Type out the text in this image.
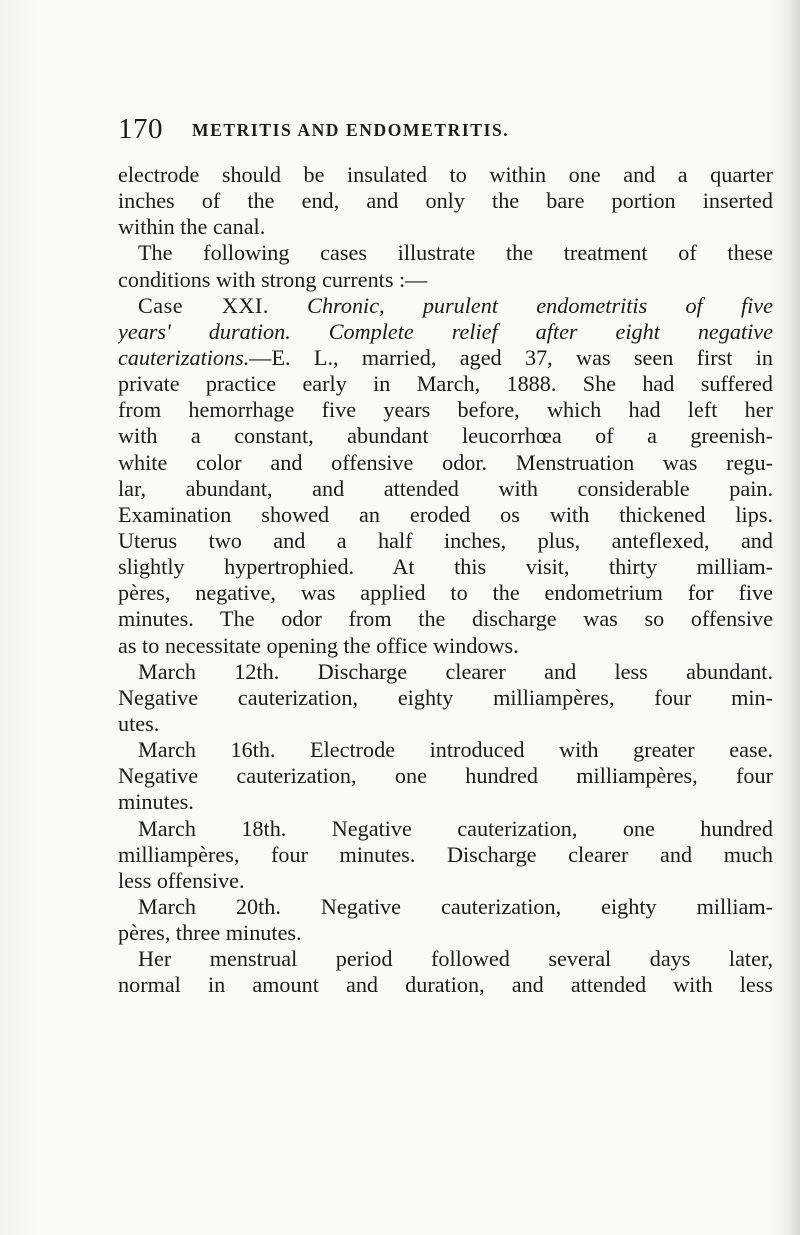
170 METRITIS AND ENDOMETRITIS.
electrode should be insulated to within one and a quarter
inches of the end, and only the bare portion inserted
within the canal.
The following cases illustrate the treatment of these
conditions with strong currents :—
Case XXI. Chronic, purulent endometritis of five
years' duration. Complete relief after eight negative
cauterizations.—E. L., married, aged 37, was seen first in
private practice early in March, 1888. She had suffered
from hemorrhage five years before, which had left her
with a constant, abundant leucorrhœa of a greenish-
white color and offensive odor. Menstruation was regu-
lar, abundant, and attended with considerable pain.
Examination showed an eroded os with thickened lips.
Uterus two and a half inches, plus, anteflexed, and
slightly hypertrophied. At this visit, thirty milliam-
pères, negative, was applied to the endometrium for five
minutes. The odor from the discharge was so offensive
as to necessitate opening the office windows.
March 12th. Discharge clearer and less abundant.
Negative cauterization, eighty milliampères, four min-
utes.
March 16th. Electrode introduced with greater ease.
Negative cauterization, one hundred milliampères, four
minutes.
March 18th. Negative cauterization, one hundred
milliampères, four minutes. Discharge clearer and much
less offensive.
March 20th. Negative cauterization, eighty milliam-
pères, three minutes.
Her menstrual period followed several days later,
normal in amount and duration, and attended with less
